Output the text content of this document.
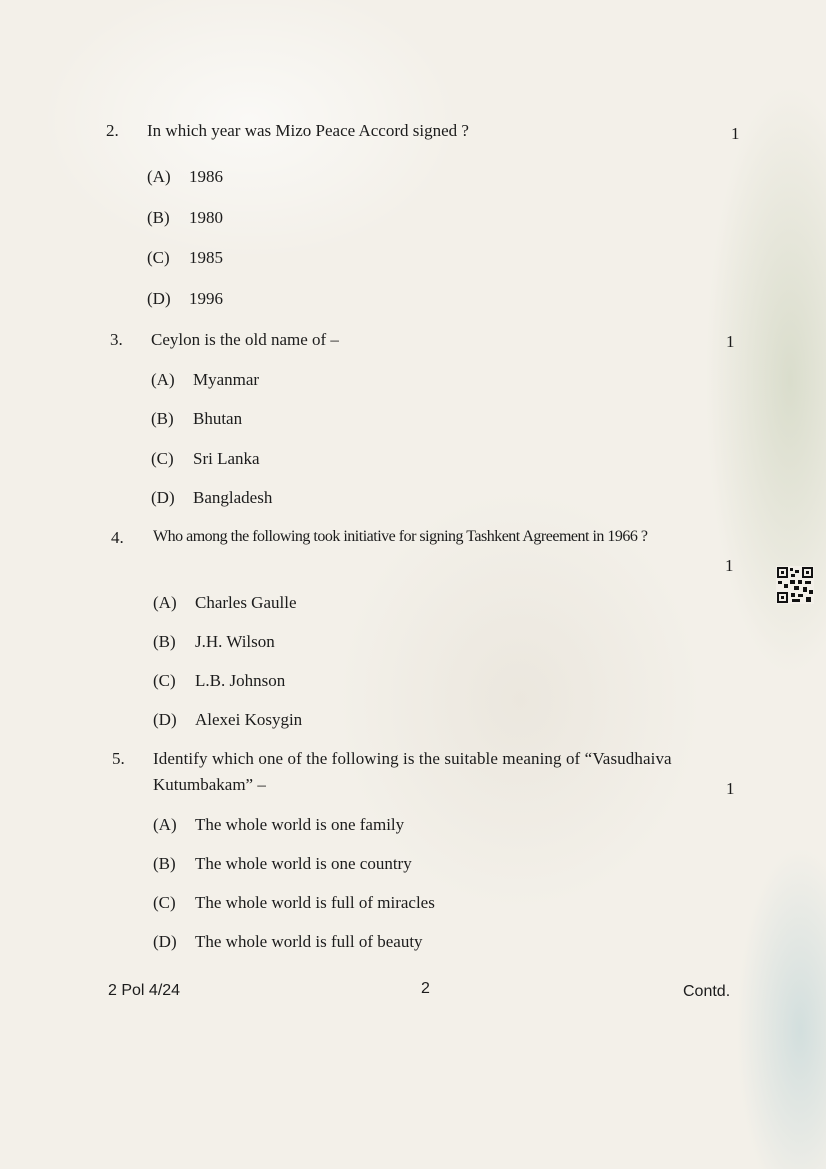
2. In which year was Mizo Peace Accord signed ?	1
(A) 1986
(B) 1980
(C) 1985
(D) 1996
3. Ceylon is the old name of –	1
(A) Myanmar
(B) Bhutan
(C) Sri Lanka
(D) Bangladesh
4. Who among the following took initiative for signing Tashkent Agreement in 1966 ?
1
(A) Charles Gaulle
(B) J.H. Wilson
(C) L.B. Johnson
(D) Alexei Kosygin
5. Identify which one of the following is the suitable meaning of “Vasudhaiva
Kutumbakam” –	1
(A) The whole world is one family
(B) The whole world is one country
(C) The whole world is full of miracles
(D) The whole world is full of beauty
2 Pol 4/24	2	Contd.
